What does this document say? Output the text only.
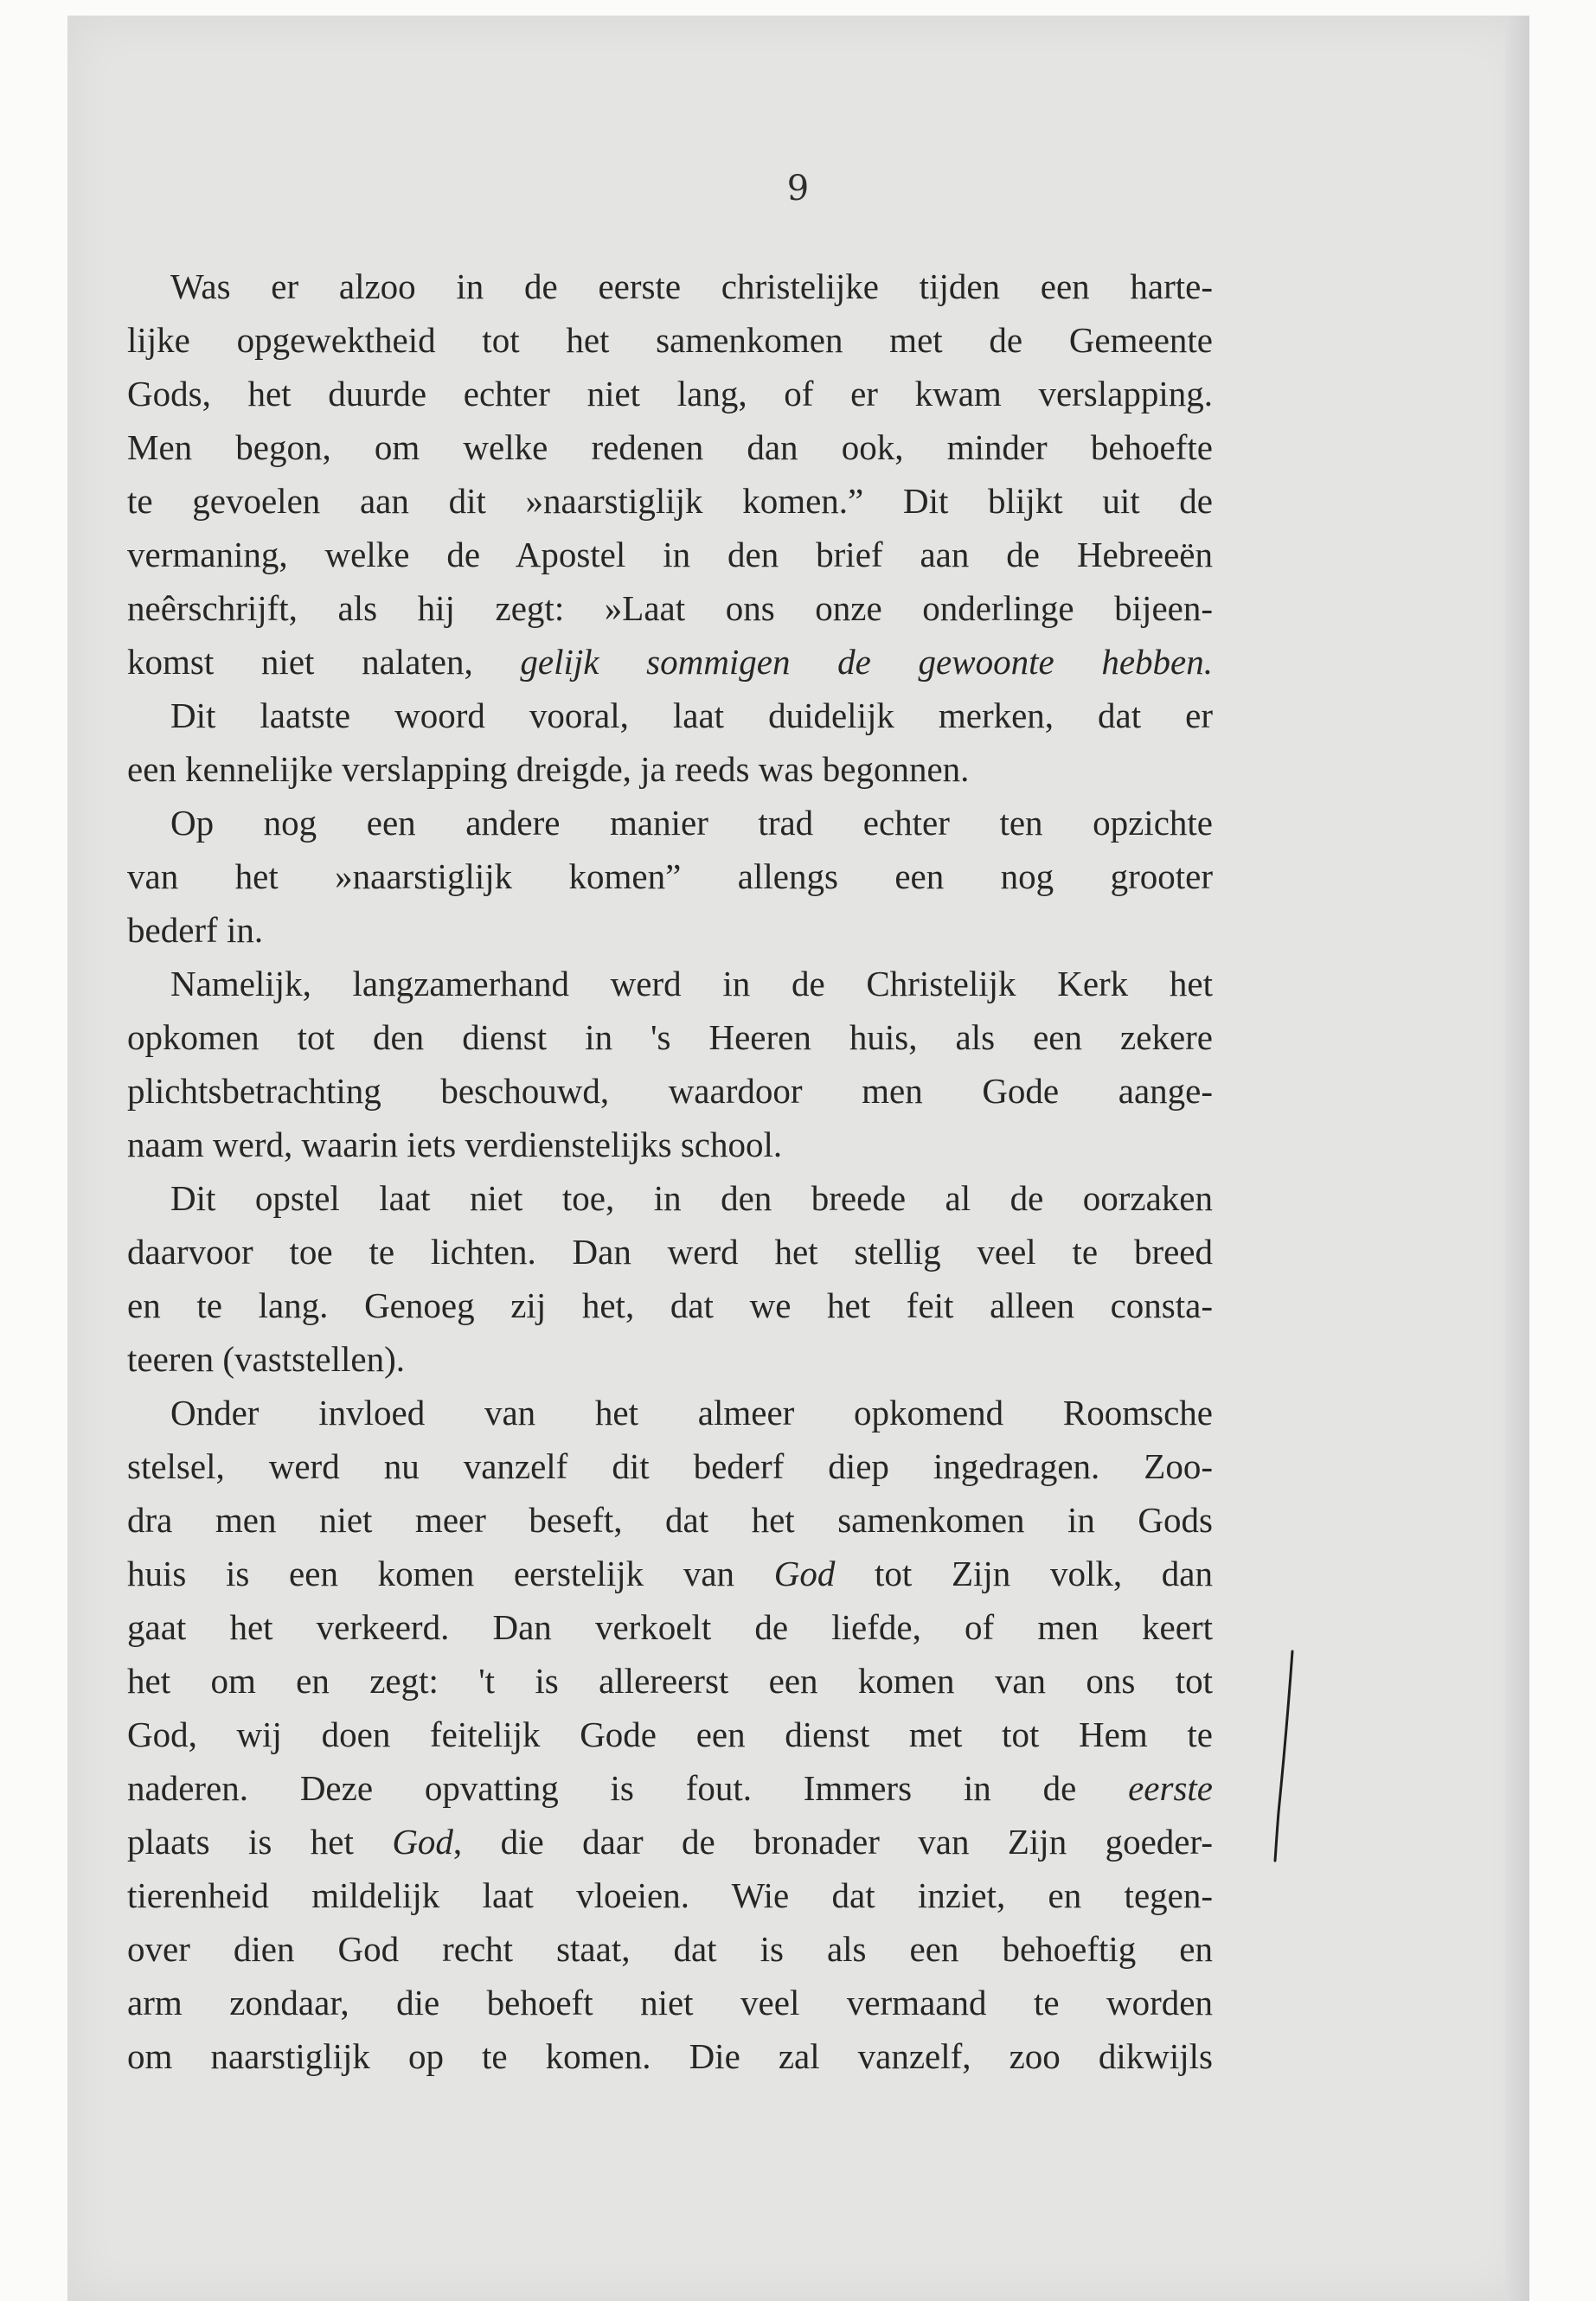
9
Was er alzoo in de eerste christelijke tijden een harte-
lijke opgewektheid tot het samenkomen met de Gemeente
Gods, het duurde echter niet lang, of er kwam verslapping.
Men begon, om welke redenen dan ook, minder behoefte
te gevoelen aan dit »naarstiglijk komen.” Dit blijkt uit de
vermaning, welke de Apostel in den brief aan de Hebreeën
neêrschrijft, als hij zegt: »Laat ons onze onderlinge bijeen-
komst niet nalaten, gelijk sommigen de gewoonte hebben.
Dit laatste woord vooral, laat duidelijk merken, dat er
een kennelijke verslapping dreigde, ja reeds was begonnen.
Op nog een andere manier trad echter ten opzichte
van het »naarstiglijk komen” allengs een nog grooter
bederf in.
Namelijk, langzamerhand werd in de Christelijk Kerk het
opkomen tot den dienst in 's Heeren huis, als een zekere
plichtsbetrachting beschouwd, waardoor men Gode aange-
naam werd, waarin iets verdienstelijks school.
Dit opstel laat niet toe, in den breede al de oorzaken
daarvoor toe te lichten. Dan werd het stellig veel te breed
en te lang. Genoeg zij het, dat we het feit alleen consta-
teeren (vaststellen).
Onder invloed van het almeer opkomend Roomsche
stelsel, werd nu vanzelf dit bederf diep ingedragen. Zoo-
dra men niet meer beseft, dat het samenkomen in Gods
huis is een komen eerstelijk van God tot Zijn volk, dan
gaat het verkeerd. Dan verkoelt de liefde, of men keert
het om en zegt: 't is allereerst een komen van ons tot
God, wij doen feitelijk Gode een dienst met tot Hem te
naderen. Deze opvatting is fout. Immers in de eerste
plaats is het God, die daar de bronader van Zijn goeder-
tierenheid mildelijk laat vloeien. Wie dat inziet, en tegen-
over dien God recht staat, dat is als een behoeftig en
arm zondaar, die behoeft niet veel vermaand te worden
om naarstiglijk op te komen. Die zal vanzelf, zoo dikwijls
